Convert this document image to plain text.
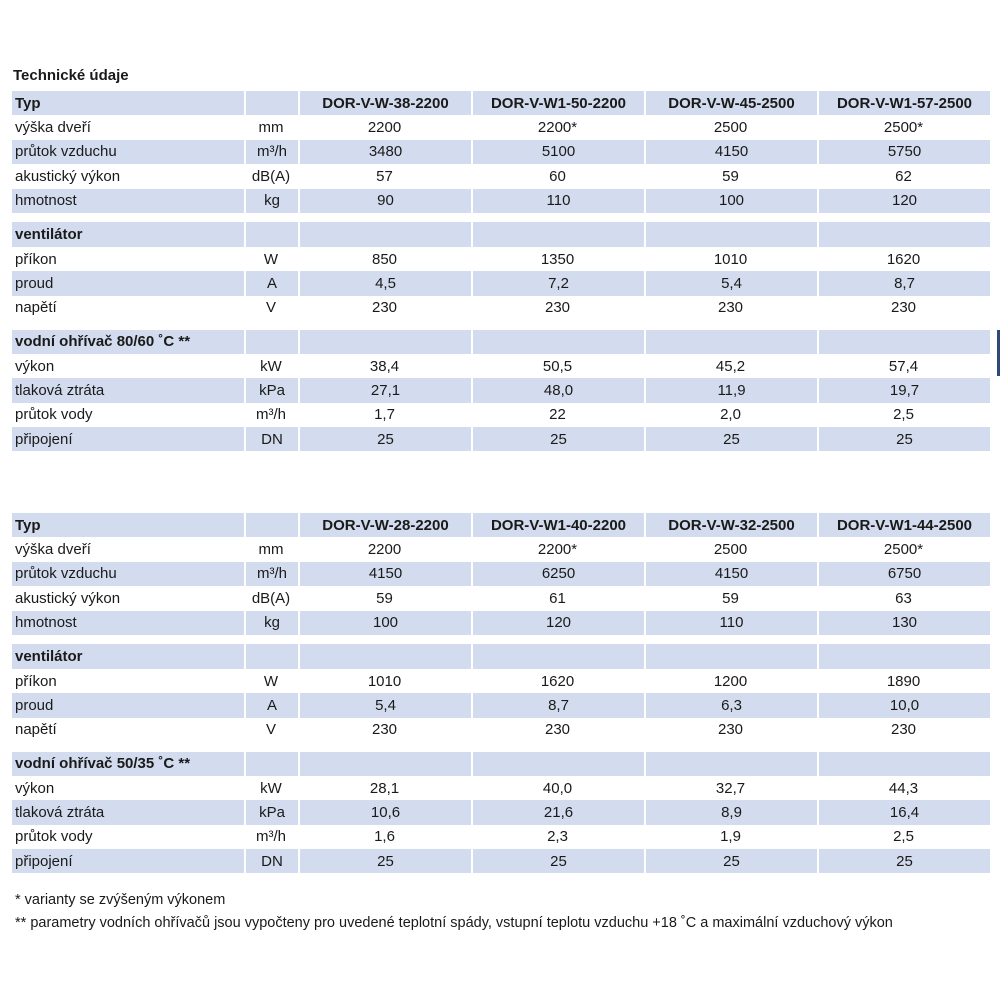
Technické údaje
Typ		DOR-V-W-38-2200	DOR-V-W1-50-2200	DOR-V-W-45-2500	DOR-V-W1-57-2500
výška dveří	mm	2200	2200*	2500	2500*
průtok vzduchu	m³/h	3480	5100	4150	5750
akustický výkon	dB(A)	57	60	59	62
hmotnost	kg	90	110	100	120

ventilátor					
příkon	W	850	1350	1010	1620
proud	A	4,5	7,2	5,4	8,7
napětí	V	230	230	230	230

vodní ohřívač 80/60 ˚C **					
výkon	kW	38,4	50,5	45,2	57,4
tlaková ztráta	kPa	27,1	48,0	11,9	19,7
průtok vody	m³/h	1,7	22	2,0	2,5
připojení	DN	25	25	25	25
Typ		DOR-V-W-28-2200	DOR-V-W1-40-2200	DOR-V-W-32-2500	DOR-V-W1-44-2500
výška dveří	mm	2200	2200*	2500	2500*
průtok vzduchu	m³/h	4150	6250	4150	6750
akustický výkon	dB(A)	59	61	59	63
hmotnost	kg	100	120	110	130

ventilátor					
příkon	W	1010	1620	1200	1890
proud	A	5,4	8,7	6,3	10,0
napětí	V	230	230	230	230

vodní ohřívač 50/35 ˚C **					
výkon	kW	28,1	40,0	32,7	44,3
tlaková ztráta	kPa	10,6	21,6	8,9	16,4
průtok vody	m³/h	1,6	2,3	1,9	2,5
připojení	DN	25	25	25	25
* varianty se zvýšeným výkonem
** parametry vodních ohřívačů jsou vypočteny pro uvedené teplotní spády, vstupní teplotu vzduchu +18 ˚C a maximální vzduchový výkon
